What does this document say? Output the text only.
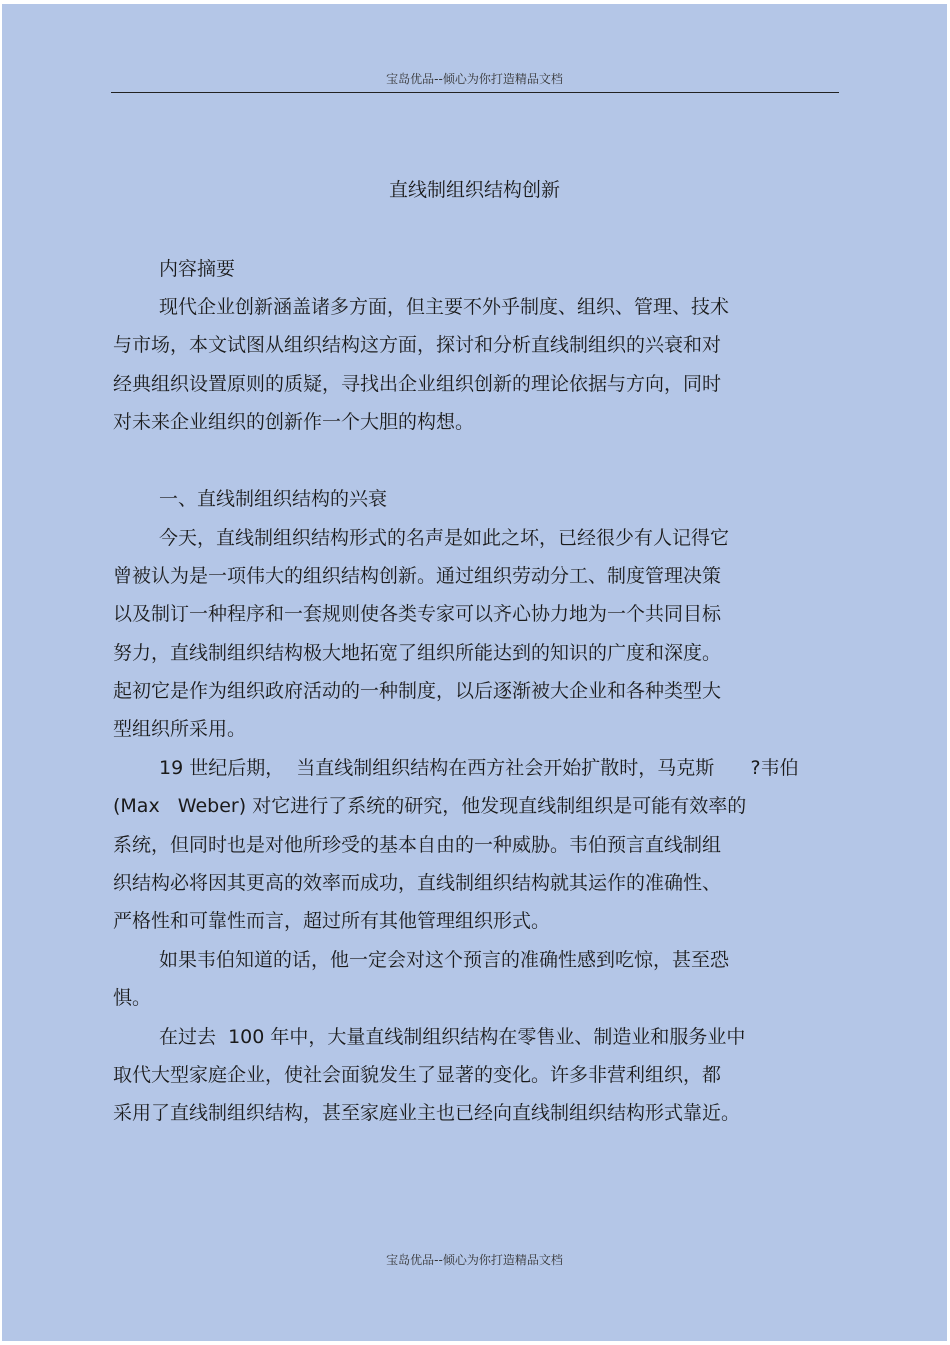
宝岛优品--倾心为你打造精品文档
直线制组织结构创新
内容摘要
现代企业创新涵盖诸多方面，但主要不外乎制度、组织、管理、技术
与市场，本文试图从组织结构这方面，探讨和分析直线制组织的兴衰和对
经典组织设置原则的质疑，寻找出企业组织创新的理论依据与方向，同时
对未来企业组织的创新作一个大胆的构想。
一、直线制组织结构的兴衰
今天，直线制组织结构形式的名声是如此之坏，已经很少有人记得它
曾被认为是一项伟大的组织结构创新。通过组织劳动分工、制度管理决策
以及制订一种程序和一套规则使各类专家可以齐心协力地为一个共同目标
努力，直线制组织结构极大地拓宽了组织所能达到的知识的广度和深度。
起初它是作为组织政府活动的一种制度，以后逐渐被大企业和各种类型大
型组织所采用。
19 世纪后期，  当直线制组织结构在西方社会开始扩散时，马克斯      ?韦伯
(Max   Weber) 对它进行了系统的研究，他发现直线制组织是可能有效率的
系统，但同时也是对他所珍受的基本自由的一种威胁。韦伯预言直线制组
织结构必将因其更高的效率而成功，直线制组织结构就其运作的准确性、
严格性和可靠性而言，超过所有其他管理组织形式。
如果韦伯知道的话，他一定会对这个预言的准确性感到吃惊，甚至恐
惧。
在过去  100 年中，大量直线制组织结构在零售业、制造业和服务业中
取代大型家庭企业，使社会面貌发生了显著的变化。许多非营利组织，都
采用了直线制组织结构，甚至家庭业主也已经向直线制组织结构形式靠近。
宝岛优品--倾心为你打造精品文档
